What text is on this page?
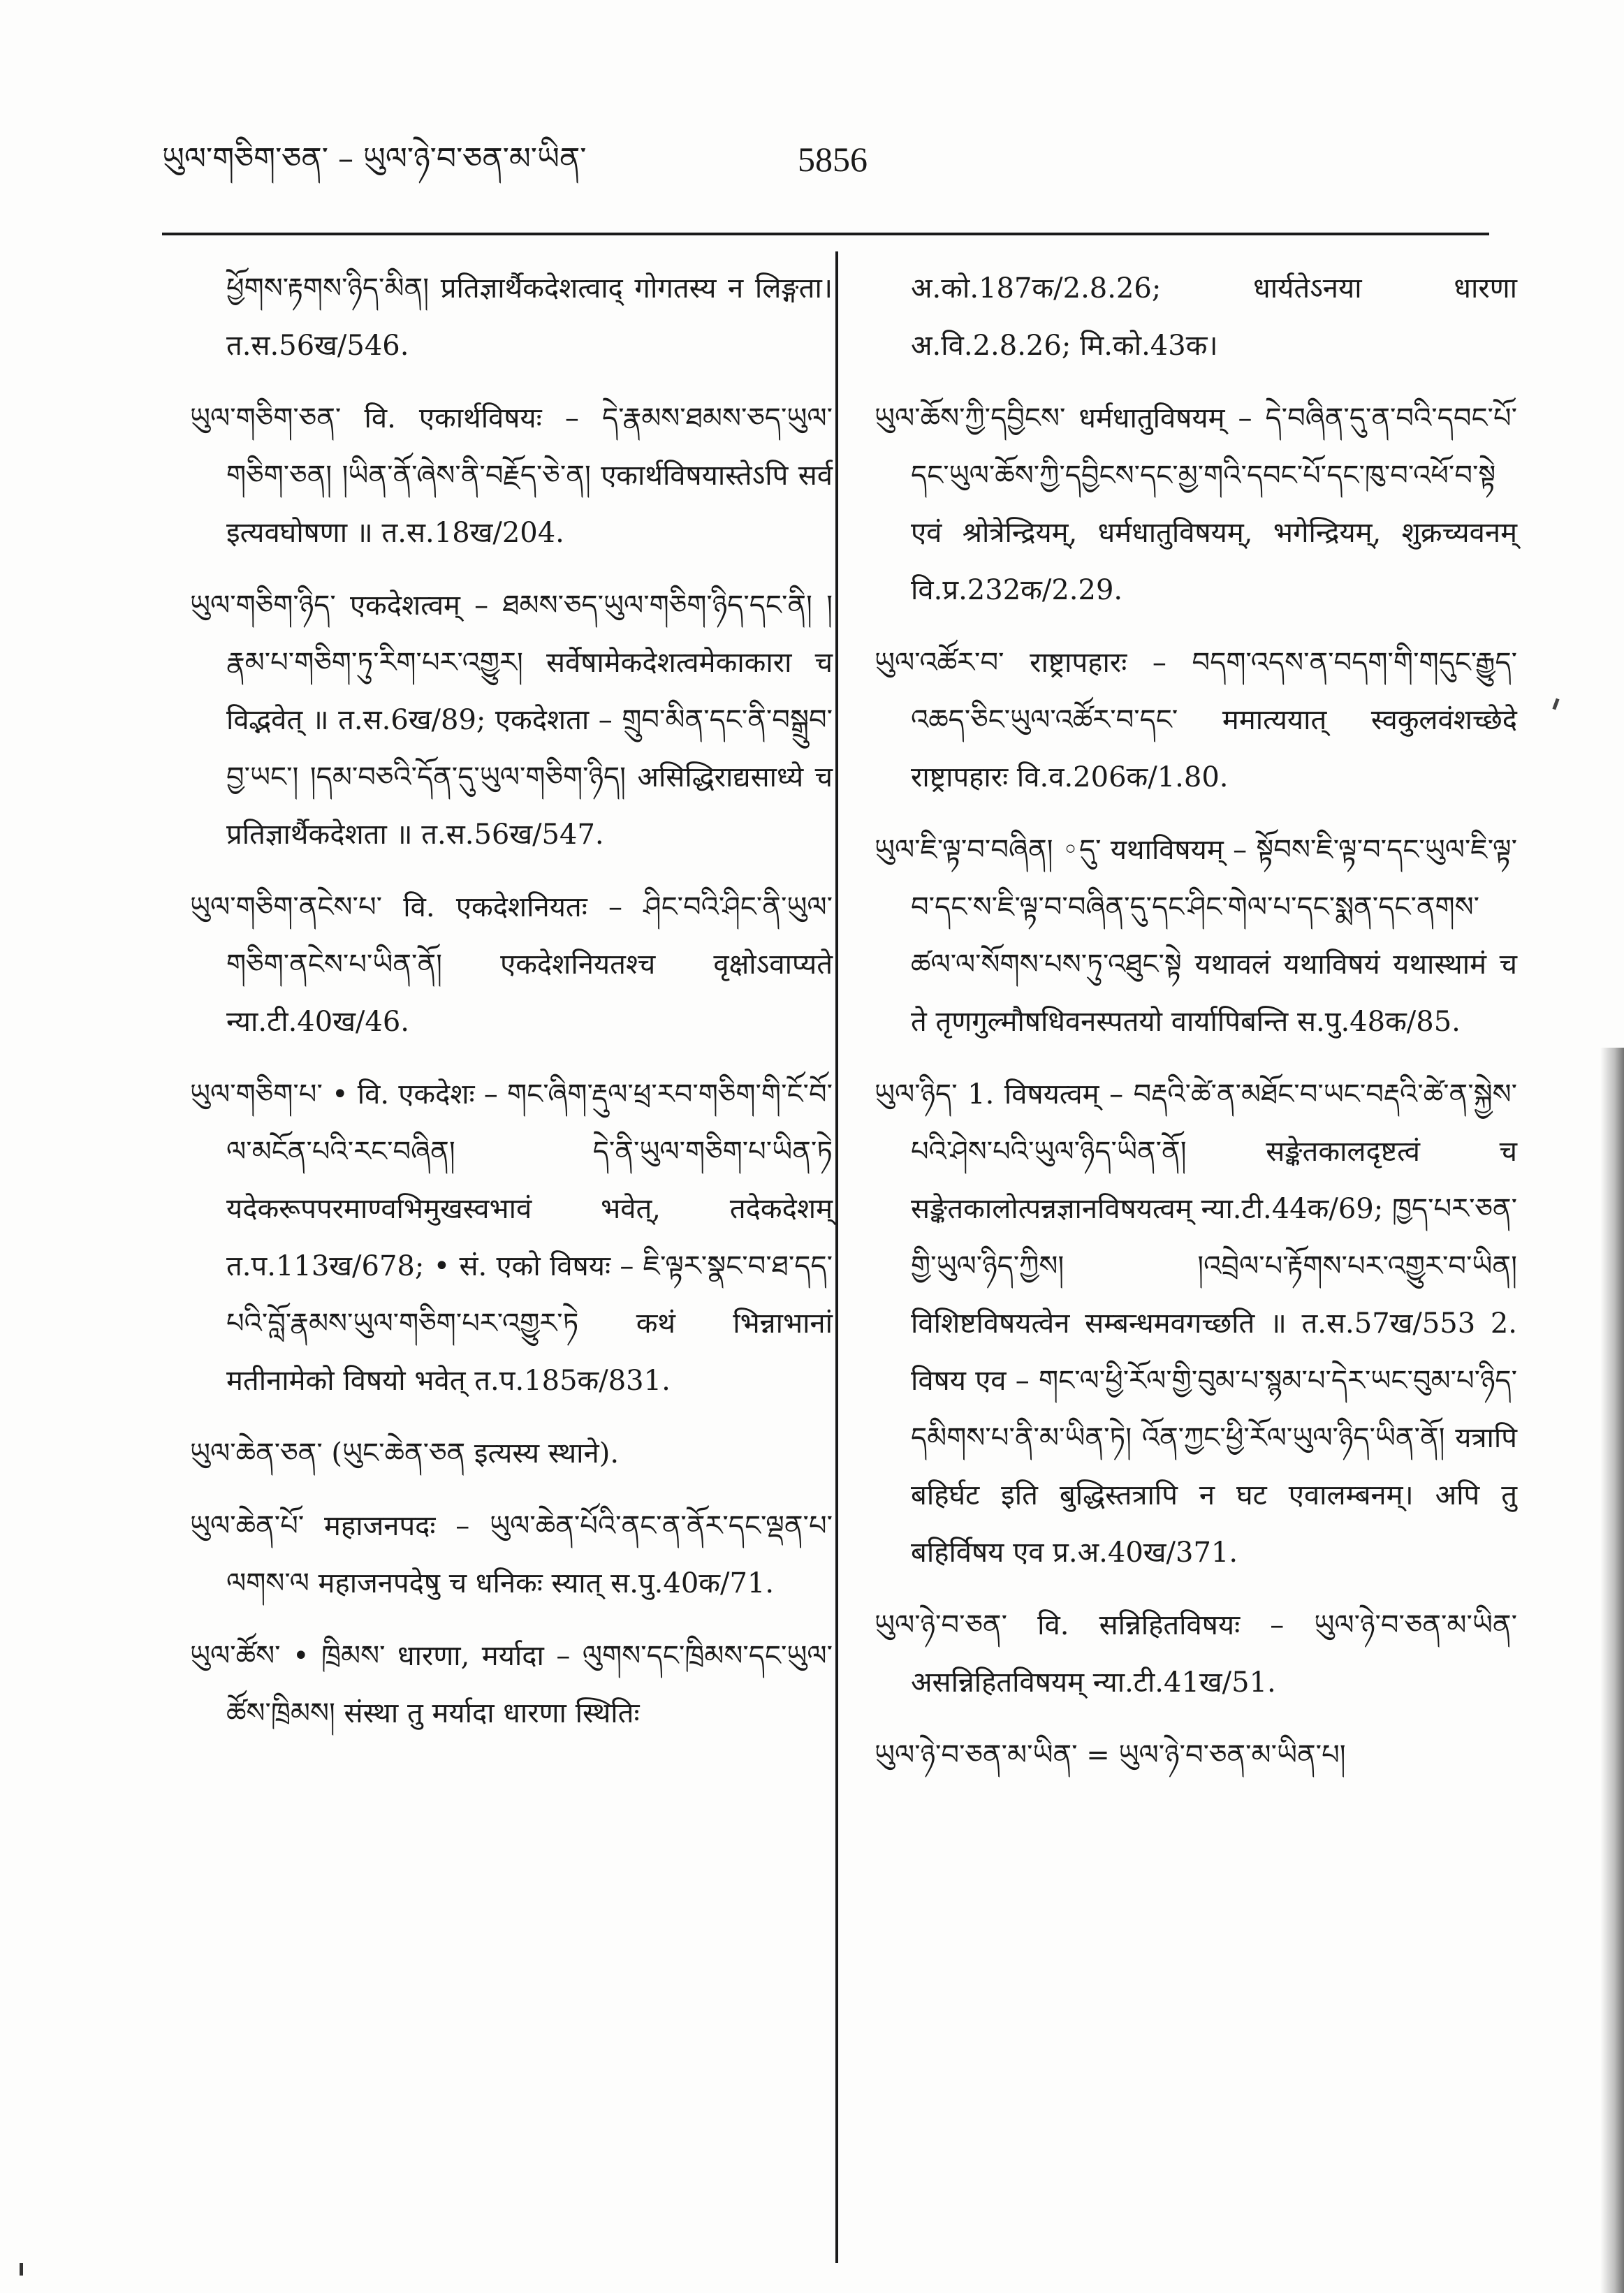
ཡུལ་གཅིག་ཅན་ – ཡུལ་ཉེ་བ་ཅན་མ་ཡིན་	5856

ཕྱོགས་རྟགས་ཉིད་མིན། प्रतिज्ञार्थैकदेशत्वाद् गोगतस्य न लिङ्गता। त.स.56ख/546.

ཡུལ་གཅིག་ཅན་ वि. एकार्थविषयः – དེ་རྣམས་ཐམས་ཅད་ཡུལ་གཅིག་ཅན། །ཡིན་ནོ་ཞེས་ནི་བརྗོད་ཅེ་ན། एकार्थविषयास्तेऽपि सर्व इत्यवघोषणा ॥ त.स.18ख/204.

ཡུལ་གཅིག་ཉིད་ एकदेशत्वम् – ཐམས་ཅད་ཡུལ་གཅིག་ཉིད་དང་ནི། །རྣམ་པ་གཅིག་ཏུ་རིག་པར་འགྱུར། सर्वेषामेकदेशत्वमेकाकारा च विद्भवेत् ॥ त.स.6ख/89; एकदेशता – གྲུབ་མིན་དང་ནི་བསྒྲུབ་བྱ་ཡང་། །དམ་བཅའི་དོན་དུ་ཡུལ་གཅིག་ཉིད། असिद्धिराद्यसाध्ये च प्रतिज्ञार्थैकदेशता ॥ त.स.56ख/547.

ཡུལ་གཅིག་ནངེས་པ་ वि. एकदेशनियतः – ཤིང་བའི་ཤིང་ནི་ཡུལ་གཅིག་ནངེས་པ་ཡིན་ནོ། एकदेशनियतश्च वृक्षोऽवाप्यते न्या.टी.40ख/46.

ཡུལ་གཅིག་པ་ • वि. एकदेशः – གང་ཞིག་རྡུལ་ཕྲ་རབ་གཅིག་གི་ངོ་བོ་ལ་མངོན་པའི་རང་བཞིན། དེ་ནི་ཡུལ་གཅིག་པ་ཡིན་ཏེ यदेकरूपपरमाण्वभिमुखस्वभावं भवेत्, तदेकदेशम् त.प.113ख/678; • सं. एको विषयः – ཇི་ལྟར་སྣང་བ་ཐ་དད་པའི་བློ་རྣམས་ཡུལ་གཅིག་པར་འགྱུར་ཏེ कथं भिन्नाभानां मतीनामेको विषयो भवेत् त.प.185क/831.

ཡུལ་ཆེན་ཅན་ (ཡུང་ཆེན་ཅན इत्यस्य स्थाने).

ཡུལ་ཆེན་པོ་ महाजनपदः – ཡུལ་ཆེན་པོའི་ནང་ན་ནོར་དང་ལྡན་པ་ལགས་ལ महाजनपदेषु च धनिकः स्यात् स.पु.40क/71.

ཡུལ་ཚོས་ • ཁྲིམས་ धारणा, मर्यादा – ལུགས་དང་ཁྲིམས་དང་ཡུལ་ཚོས་ཁྲིམས། संस्था तु मर्यादा धारणा स्थितिः

अ.को.187क/2.8.26; धार्यतेऽनया धारणा अ.वि.2.8.26; मि.को.43क।

ཡུལ་ཆོས་ཀྱི་དབྱིངས་ धर्मधातुविषयम् – དེ་བཞིན་དུ་ན་བའི་དབང་པོ་དང་ཡུལ་ཆོས་ཀྱི་དབྱིངས་དང་མྱ་གའི་དབང་པོ་དང་ཁུ་བ་འཕོ་བ་སྟེ एवं श्रोत्रेन्द्रियम्, धर्मधातुविषयम्, भगेन्द्रियम्, शुक्रच्यवनम् वि.प्र.232क/2.29.

ཡུལ་འཚོར་བ་ राष्ट्रापहारः – བདག་འདས་ན་བདག་གི་གདུང་རྒྱུད་འཆད་ཅིང་ཡུལ་འཚོར་བ་དང་ ममात्ययात् स्वकुलवंशच्छेदे राष्ट्रापहारः वि.व.206क/1.80.

ཡུལ་ཇི་ལྟ་བ་བཞིན། ◦དུ་ यथाविषयम् – སྟོབས་ཇི་ལྟ་བ་དང་ཡུལ་ཇི་ལྟ་བ་དང་ས་ཇི་ལྟ་བ་བཞིན་དུ་དང་ཤིང་གེལ་པ་དང་སྨན་དང་ནགས་ཚལ་ལ་སོགས་པས་ཏུ་འཐུང་སྟེ यथावलं यथाविषयं यथास्थामं च ते तृणगुल्मौषधिवनस्पतयो वार्यापिबन्ति स.पु.48क/85.

ཡུལ་ཉིད་ 1. विषयत्वम् – བརྡའི་ཚེ་ན་མཐོང་བ་ཡང་བརྡའི་ཚེ་ན་སྐྱེས་པའི་ཤེས་པའི་ཡུལ་ཉིད་ཡིན་ནོ། सङ्केतकालदृष्टत्वं च सङ्केतकालोत्पन्नज्ञानविषयत्वम् न्या.टी.44क/69; ཁྱད་པར་ཅན་གྱི་ཡུལ་ཉིད་ཀྱིས། །འབྲེལ་པ་རྟོགས་པར་འགྱུར་བ་ཡིན། विशिष्टविषयत्वेन सम्बन्धमवगच्छति ॥ त.स.57ख/553 2. विषय एव – གང་ལ་ཕྱི་རོལ་གྱི་བུམ་པ་སྙམ་པ་དེར་ཡང་བུམ་པ་ཉིད་དམིགས་པ་ནི་མ་ཡིན་ཏེ། འོན་ཀྱང་ཕྱི་རོལ་ཡུལ་ཉིད་ཡིན་ནོ། यत्रापि बहिर्घट इति बुद्धिस्तत्रापि न घट एवालम्बनम्। अपि तु बहिर्विषय एव प्र.अ.40ख/371.

ཡུལ་ཉེ་བ་ཅན་ वि. सन्निहितविषयः – ཡུལ་ཉེ་བ་ཅན་མ་ཡིན་ असन्निहितविषयम् न्या.टी.41ख/51.

ཡུལ་ཉེ་བ་ཅན་མ་ཡིན་ = ཡུལ་ཉེ་བ་ཅན་མ་ཡིན་པ།
